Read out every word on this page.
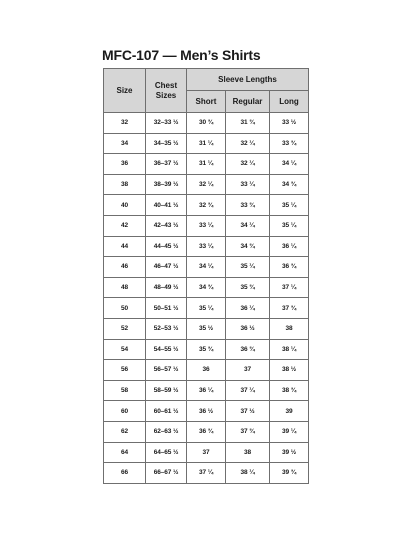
MFC-107 — Men’s Shirts
Size	Chest Sizes	Sleeve Lengths		
		Short	Regular	Long
32	32–33 ½	30 ¾	31 ¾	33 ½
34	34–35 ½	31 ¼	32 ¼	33 ¾
36	36–37 ½	31 ¼	32 ¼	34 ¼
38	38–39 ½	32 ¼	33 ¼	34 ¾
40	40–41 ½	32 ¾	33 ¾	35 ¼
42	42–43 ½	33 ¼	34 ¼	35 ¼
44	44–45 ½	33 ¼	34 ¾	36 ¼
46	46–47 ½	34 ¼	35 ¼	36 ¾
48	48–49 ½	34 ¾	35 ¾	37 ¼
50	50–51 ½	35 ¼	36 ¼	37 ¾
52	52–53 ½	35 ½	36 ½	38
54	54–55 ½	35 ¾	36 ¾	38 ¼
56	56–57 ½	36	37	38 ½
58	58–59 ½	36 ¼	37 ¼	38 ¾
60	60–61 ½	36 ½	37 ½	39
62	62–63 ½	36 ¾	37 ¾	39 ¼
64	64–65 ½	37	38	39 ½
66	66–67 ½	37 ¼	38 ¼	39 ¾
